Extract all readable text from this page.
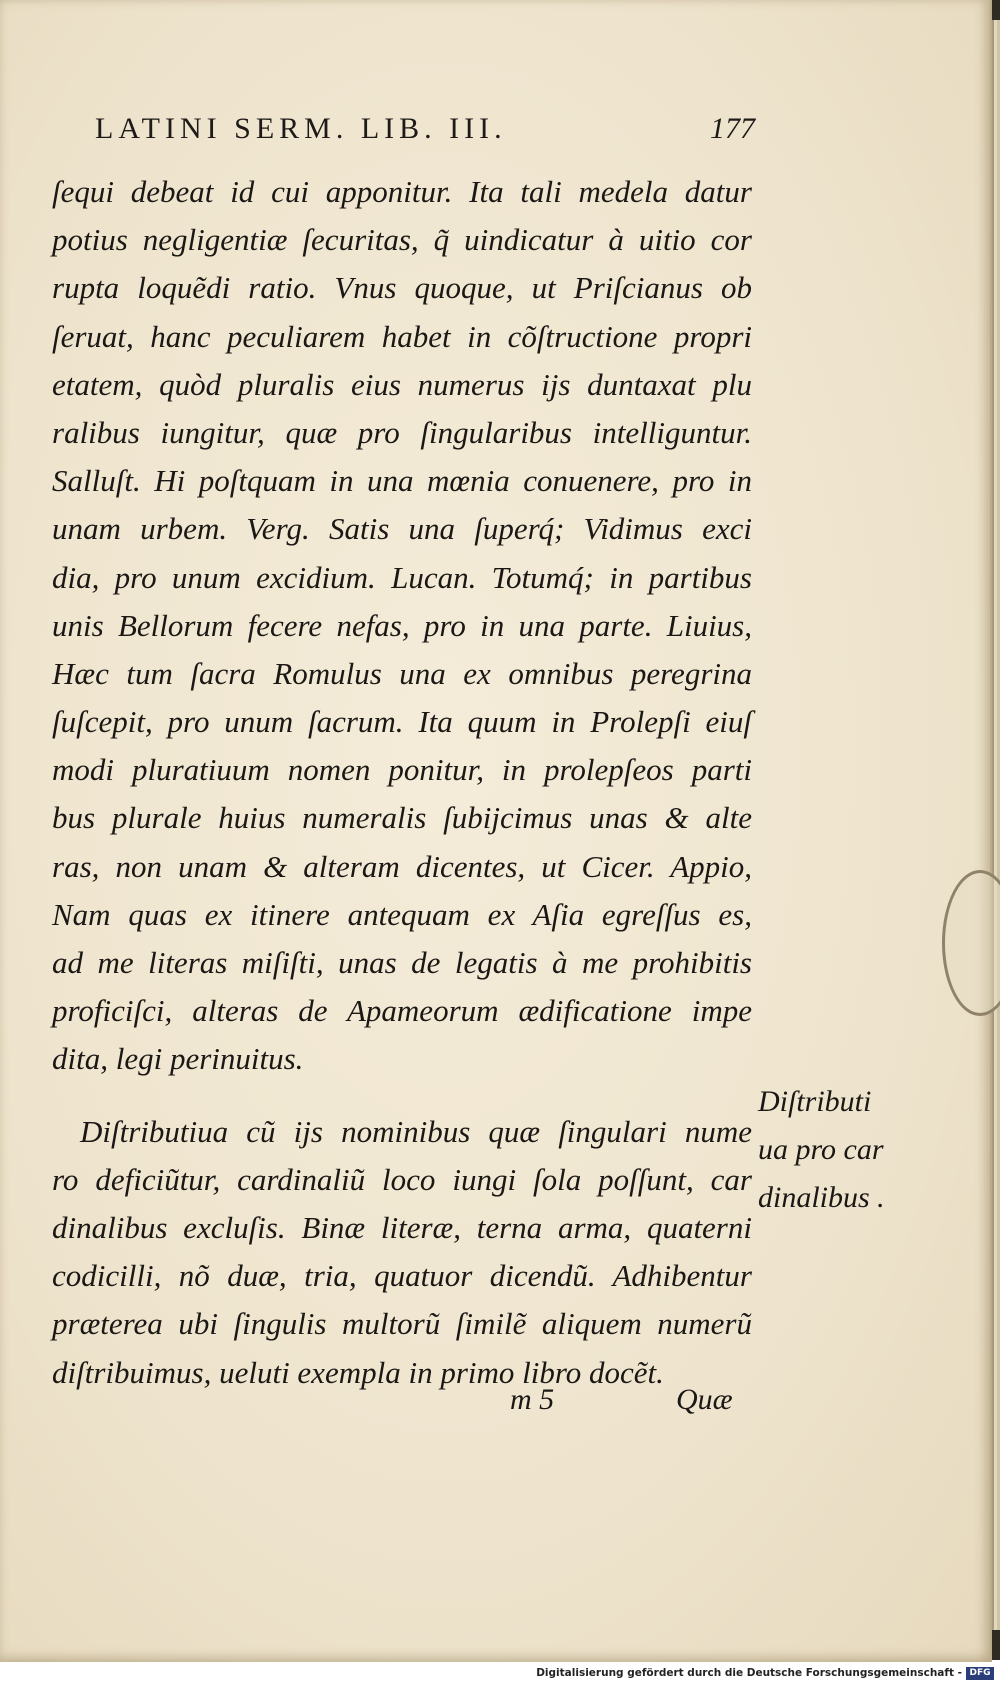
LATINI SERM. LIB. III.	177
ſequi debeat id cui apponitur. Ita tali medela datur
potius negligentiæ ſecuritas, q̃ uindicatur à uitio cor
rupta loquẽdi ratio. Vnus quoque, ut Priſcianus ob
ſeruat, hanc peculiarem habet in cõſtructione propri
etatem, quòd pluralis eius numerus ijs duntaxat plu
ralibus iungitur, quæ pro ſingularibus intelliguntur.
Salluſt. Hi poſtquam in una mœnia conuenere, pro in
unam urbem. Verg. Satis una ſuperq́; Vidimus exci
dia, pro unum excidium. Lucan. Totumq́; in partibus
unis Bellorum fecere nefas, pro in una parte. Liuius,
Hæc tum ſacra Romulus una ex omnibus peregrina
ſuſcepit, pro unum ſacrum. Ita quum in Prolepſi eiuſ
modi pluratiuum nomen ponitur, in prolepſeos parti
bus plurale huius numeralis ſubijcimus unas & alte
ras, non unam & alteram dicentes, ut Cicer. Appio,
Nam quas ex itinere antequam ex Aſia egreſſus es,
ad me literas miſiſti, unas de legatis à me prohibitis
proficiſci, alteras de Apameorum ædificatione impe
dita, legi perinuitus.
Diſtributiua cũ ijs nominibus quæ ſingulari nume
ro deficiũtur, cardinaliũ loco iungi ſola poſſunt, car
dinalibus excluſis. Binæ literæ, terna arma, quaterni
codicilli, nõ duæ, tria, quatuor dicendũ. Adhibentur
præterea ubi ſingulis multorũ ſimilẽ aliquem numerũ
diſtribuimus, ueluti exempla in primo libro docẽt.
Diſtributi
ua pro car
dinalibus .
m 5	Quæ
Digitalisierung gefördert durch die Deutsche Forschungsgemeinschaft - DFG
